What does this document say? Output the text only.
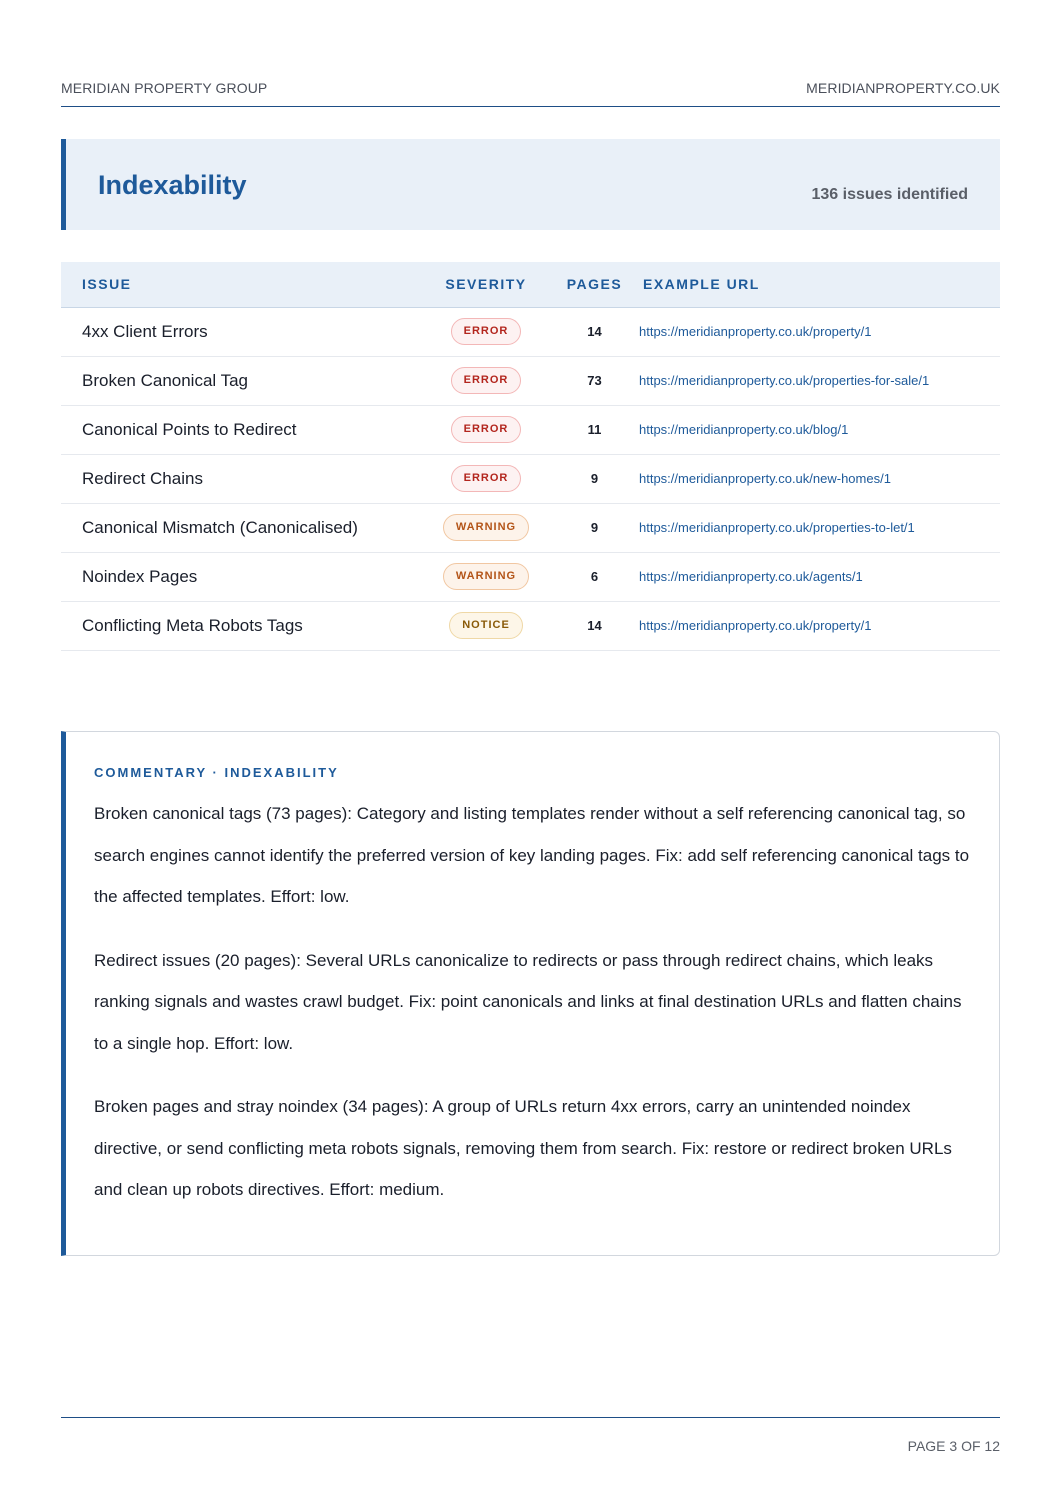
MERIDIAN PROPERTY GROUP	MERIDIANPROPERTY.CO.UK
Indexability	136 issues identified
ISSUE	SEVERITY	PAGES	EXAMPLE URL
4xx Client Errors	ERROR	14	https://meridianproperty.co.uk/property/1
Broken Canonical Tag	ERROR	73	https://meridianproperty.co.uk/properties-for-sale/1
Canonical Points to Redirect	ERROR	11	https://meridianproperty.co.uk/blog/1
Redirect Chains	ERROR	9	https://meridianproperty.co.uk/new-homes/1
Canonical Mismatch (Canonicalised)	WARNING	9	https://meridianproperty.co.uk/properties-to-let/1
Noindex Pages	WARNING	6	https://meridianproperty.co.uk/agents/1
Conflicting Meta Robots Tags	NOTICE	14	https://meridianproperty.co.uk/property/1
COMMENTARY · INDEXABILITY

Broken canonical tags (73 pages): Category and listing templates render without a self referencing canonical tag, so search engines cannot identify the preferred version of key landing pages. Fix: add self referencing canonical tags to the affected templates. Effort: low.

Redirect issues (20 pages): Several URLs canonicalize to redirects or pass through redirect chains, which leaks ranking signals and wastes crawl budget. Fix: point canonicals and links at final destination URLs and flatten chains to a single hop. Effort: low.

Broken pages and stray noindex (34 pages): A group of URLs return 4xx errors, carry an unintended noindex directive, or send conflicting meta robots signals, removing them from search. Fix: restore or redirect broken URLs and clean up robots directives. Effort: medium.

PAGE 3 OF 12
